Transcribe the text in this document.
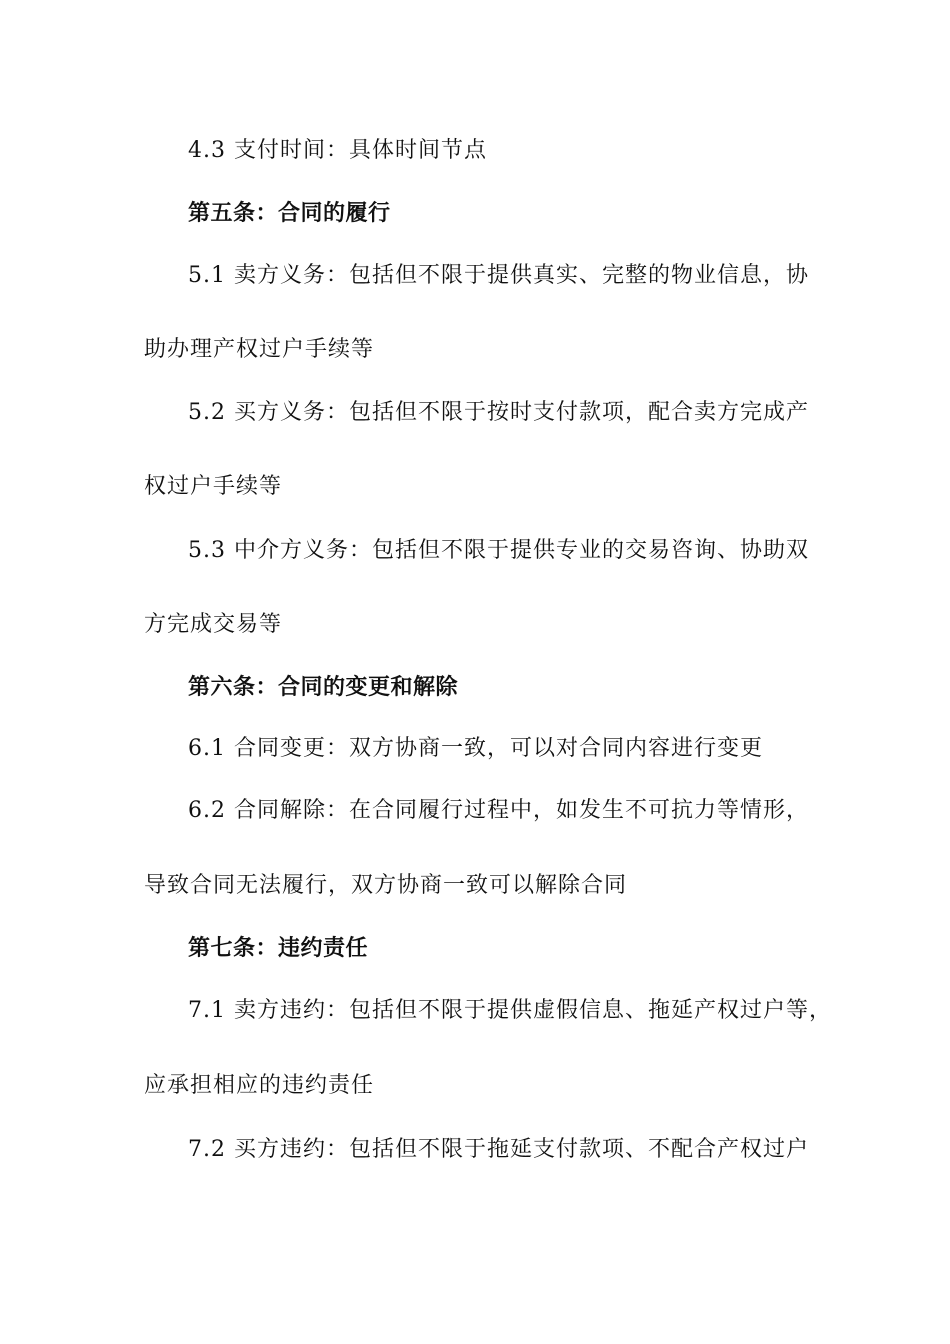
4.3 支付时间：具体时间节点
第五条：合同的履行
5.1 卖方义务：包括但不限于提供真实、完整的物业信息，协
助办理产权过户手续等
5.2 买方义务：包括但不限于按时支付款项，配合卖方完成产
权过户手续等
5.3 中介方义务：包括但不限于提供专业的交易咨询、协助双
方完成交易等
第六条：合同的变更和解除
6.1 合同变更：双方协商一致，可以对合同内容进行变更
6.2 合同解除：在合同履行过程中，如发生不可抗力等情形，
导致合同无法履行，双方协商一致可以解除合同
第七条：违约责任
7.1 卖方违约：包括但不限于提供虚假信息、拖延产权过户等，
应承担相应的违约责任
7.2 买方违约：包括但不限于拖延支付款项、不配合产权过户
